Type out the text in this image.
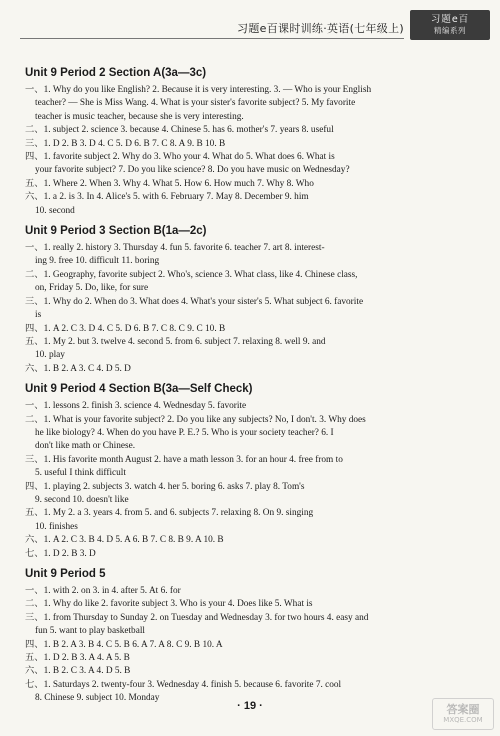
习题e百课时训练·英语(七年级上)
习题e百
精编系列
Unit 9 Period 2 Section A(3a—3c)
一、1. Why do you like English? 2. Because it is very interesting. 3. — Who is your English
teacher? — She is Miss Wang. 4. What is your sister's favorite subject? 5. My favorite
teacher is music teacher, because she is very interesting.
二、1. subject 2. science 3. because 4. Chinese 5. has 6. mother's 7. years 8. useful
三、1. D 2. B 3. D 4. C 5. D 6. B 7. C 8. A 9. B 10. B
四、1. favorite subject 2. Why do 3. Who your 4. What do 5. What does 6. What is
your favorite subject? 7. Do you like science? 8. Do you have music on Wednesday?
五、1. Where 2. When 3. Why 4. What 5. How 6. How much 7. Why 8. Who
六、1. a 2. is 3. In 4. Alice's 5. with 6. February 7. May 8. December 9. him
10. second
Unit 9 Period 3 Section B(1a—2c)
一、1. really 2. history 3. Thursday 4. fun 5. favorite 6. teacher 7. art 8. interest-
ing 9. free 10. difficult 11. boring
二、1. Geography, favorite subject 2. Who's, science 3. What class, like 4. Chinese class,
on, Friday 5. Do, like, for sure
三、1. Why do 2. When do 3. What does 4. What's your sister's 5. What subject 6. favorite
is
四、1. A 2. C 3. D 4. C 5. D 6. B 7. C 8. C 9. C 10. B
五、1. My 2. but 3. twelve 4. second 5. from 6. subject 7. relaxing 8. well 9. and
10. play
六、1. B 2. A 3. C 4. D 5. D
Unit 9 Period 4 Section B(3a—Self Check)
一、1. lessons 2. finish 3. science 4. Wednesday 5. favorite
二、1. What is your favorite subject? 2. Do you like any subjects? No, I don't. 3. Why does
he like biology? 4. When do you have P. E.? 5. Who is your society teacher? 6. I
don't like math or Chinese.
三、1. His favorite month August 2. have a math lesson 3. for an hour 4. free from to
5. useful I think difficult
四、1. playing 2. subjects 3. watch 4. her 5. boring 6. asks 7. play 8. Tom's
9. second 10. doesn't like
五、1. My 2. a 3. years 4. from 5. and 6. subjects 7. relaxing 8. On 9. singing
10. finishes
六、1. A 2. C 3. B 4. D 5. A 6. B 7. C 8. B 9. A 10. B
七、1. D 2. B 3. D
Unit 9 Period 5
一、1. with 2. on 3. in 4. after 5. At 6. for
二、1. Why do like 2. favorite subject 3. Who is your 4. Does like 5. What is
三、1. from Thursday to Sunday 2. on Tuesday and Wednesday 3. for two hours 4. easy and
fun 5. want to play basketball
四、1. B 2. A 3. B 4. C 5. B 6. A 7. A 8. C 9. B 10. A
五、1. D 2. B 3. A 4. A 5. B
六、1. B 2. C 3. A 4. D 5. B
七、1. Saturdays 2. twenty-four 3. Wednesday 4. finish 5. because 6. favorite 7. cool
8. Chinese 9. subject 10. Monday
· 19 ·	答案圈
MXQE.COM
